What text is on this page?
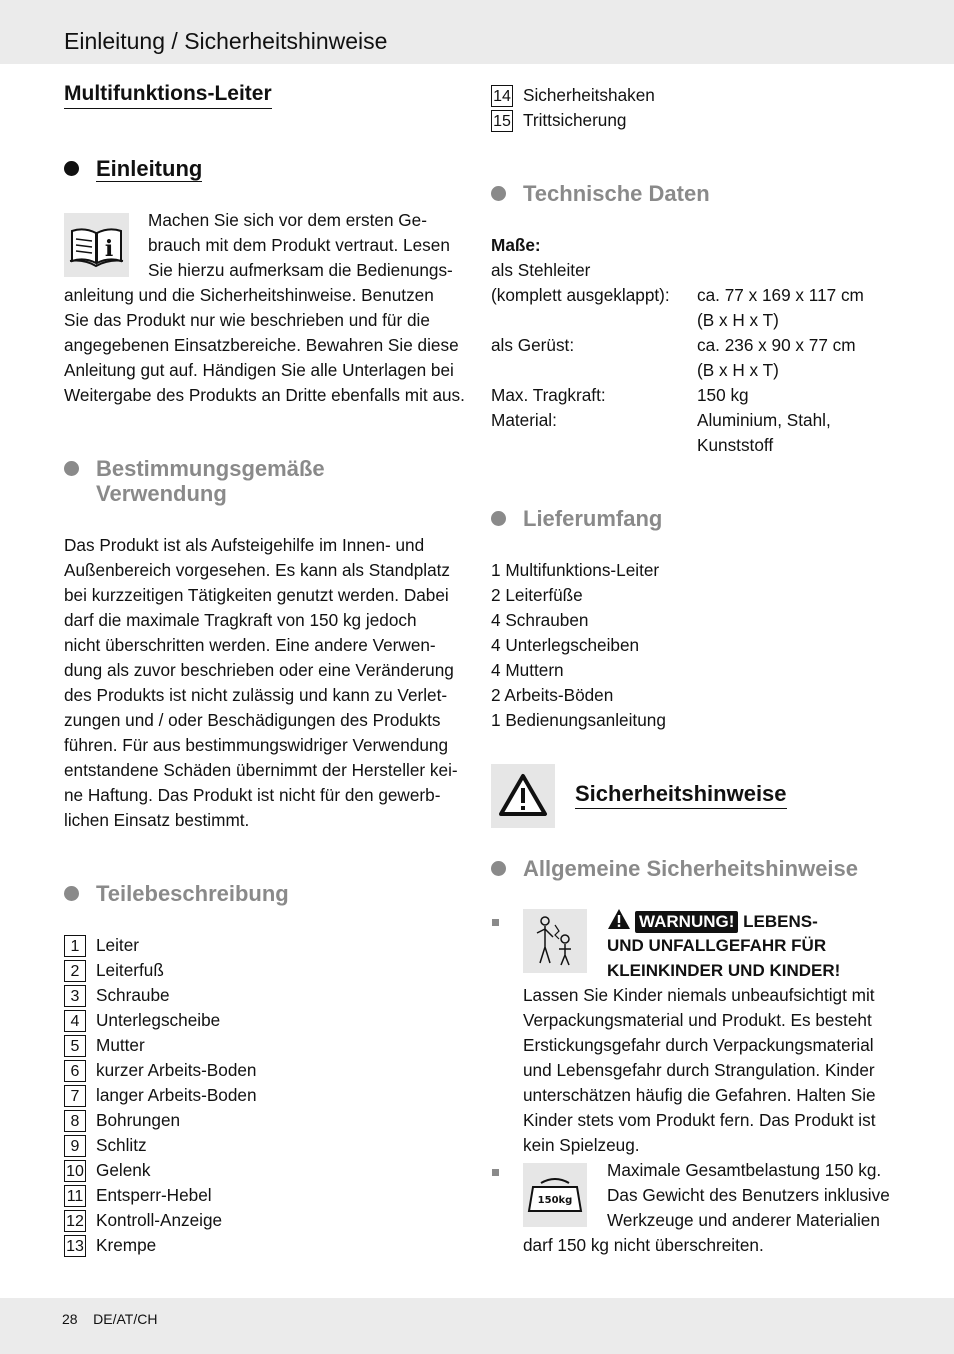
Einleitung / Sicherheitshinweise
28 DE/AT/CH
Multifunktions-Leiter
Einleitung
i
Machen Sie sich vor dem ersten Ge-
brauch mit dem Produkt vertraut. Lesen
Sie hierzu aufmerksam die Bedienungs-
anleitung und die Sicherheitshinweise. Benutzen
Sie das Produkt nur wie beschrieben und für die
angegebenen Einsatzbereiche. Bewahren Sie diese
Anleitung gut auf. Händigen Sie alle Unterlagen bei
Weitergabe des Produkts an Dritte ebenfalls mit aus.
Bestimmungsgemäße
Verwendung
Das Produkt ist als Aufsteigehilfe im Innen- und
Außenbereich vorgesehen. Es kann als Standplatz
bei kurzzeitigen Tätigkeiten genutzt werden. Dabei
darf die maximale Tragkraft von 150 kg jedoch
nicht überschritten werden. Eine andere Verwen-
dung als zuvor beschrieben oder eine Veränderung
des Produkts ist nicht zulässig und kann zu Verlet-
zungen und / oder Beschädigungen des Produkts
führen. Für aus bestimmungswidriger Verwendung
entstandene Schäden übernimmt der Hersteller kei-
ne Haftung. Das Produkt ist nicht für den gewerb-
lichen Einsatz bestimmt.
Teilebeschreibung
1 Leiter
2 Leiterfuß
3 Schraube
4 Unterlegscheibe
5 Mutter
6 kurzer Arbeits-Boden
7 langer Arbeits-Boden
8 Bohrungen
9 Schlitz
10 Gelenk
11 Entsperr-Hebel
12 Kontroll-Anzeige
13 Krempe
14 Sicherheitshaken
15 Trittsicherung
Technische Daten
Maße:
als Stehleiter
(komplett ausgeklappt): ca. 77 x 169 x 117 cm
(B x H x T)
als Gerüst:	ca. 236 x 90 x 77 cm
(B x H x T)
Max. Tragkraft:	150 kg
Material:	Aluminium, Stahl,
Kunststoff
Lieferumfang
1 Multifunktions-Leiter
2 Leiterfüße
4 Schrauben
4 Unterlegscheiben
4 Muttern
2 Arbeits-Böden
1 Bedienungsanleitung
Sicherheitshinweise
Allgemeine Sicherheitshinweise
WARNUNG! LEBENS-
UND UNFALLGEFAHR FÜR
KLEINKINDER UND KINDER!
Lassen Sie Kinder niemals unbeaufsichtigt mit
Verpackungsmaterial und Produkt. Es besteht
Erstickungsgefahr durch Verpackungsmaterial
und Lebensgefahr durch Strangulation. Kinder
unterschätzen häufig die Gefahren. Halten Sie
Kinder stets vom Produkt fern. Das Produkt ist
kein Spielzeug.
150kg
Maximale Gesamtbelastung 150 kg.
Das Gewicht des Benutzers inklusive
Werkzeuge und anderer Materialien
darf 150 kg nicht überschreiten.
